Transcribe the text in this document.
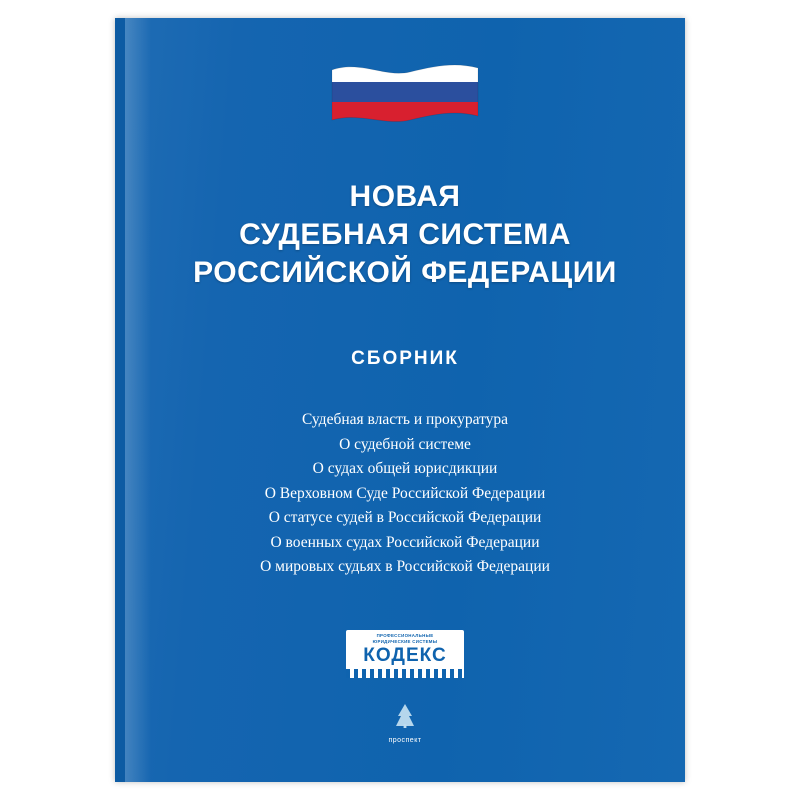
НОВАЯ
СУДЕБНАЯ СИСТЕМА
РОССИЙСКОЙ ФЕДЕРАЦИИ
СБОРНИК
Судебная власть и прокуратура
О судебной системе
О судах общей юрисдикции
О Верховном Суде Российской Федерации
О статусе судей в Российской Федерации
О военных судах Российской Федерации
О мировых судьях в Российской Федерации
ПРОФЕССИОНАЛЬНЫЕ
ЮРИДИЧЕСКИЕ СИСТЕМЫ
КОДЕКС
проспект
